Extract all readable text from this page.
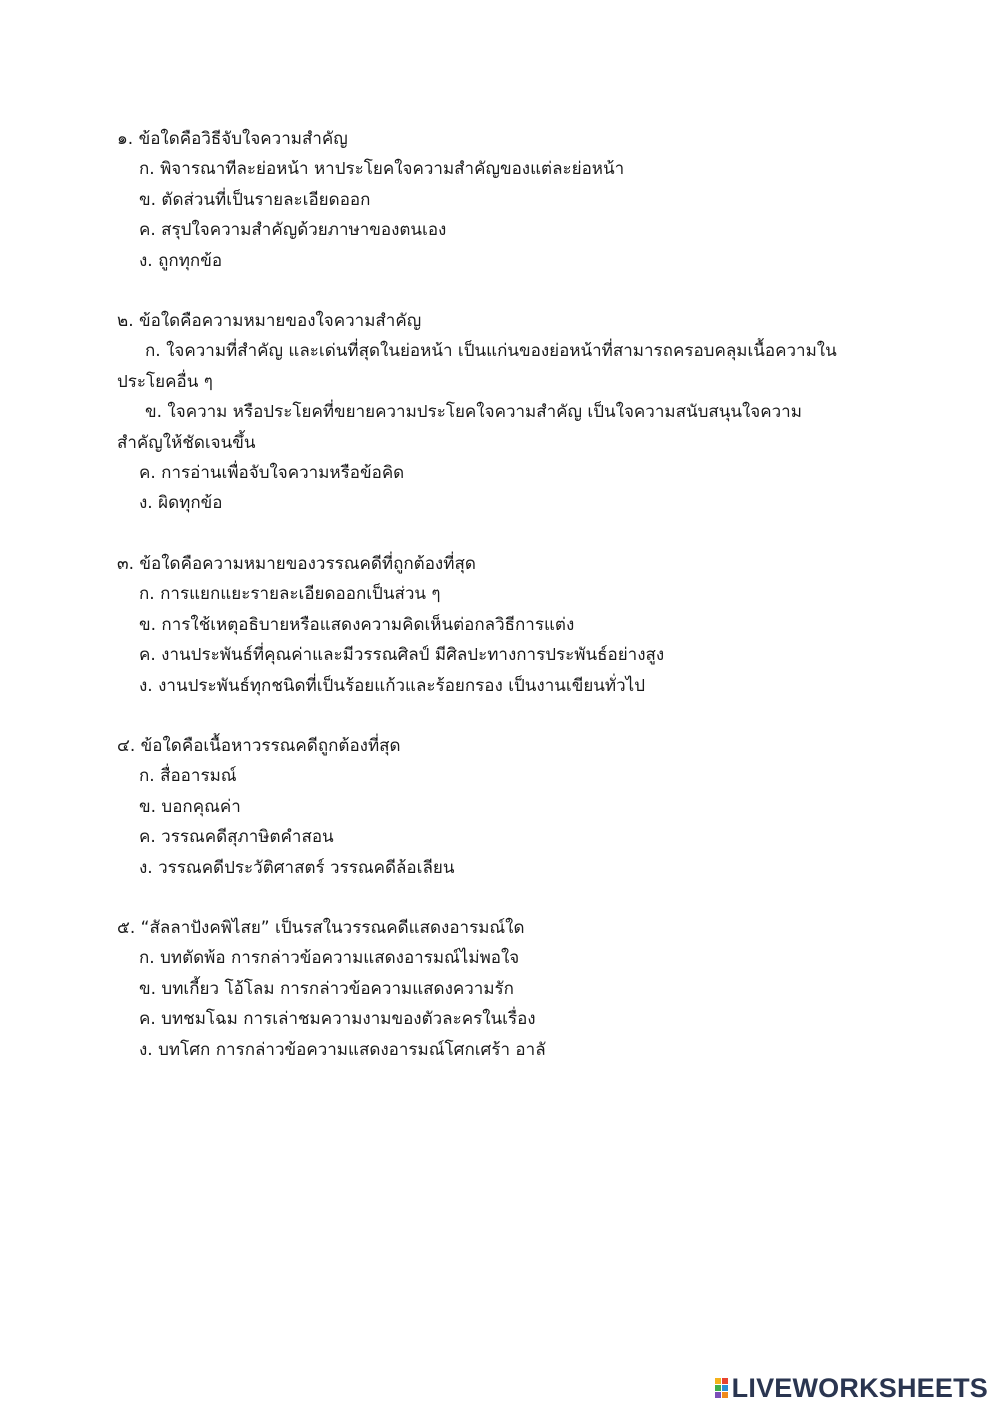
๑. ข้อใดคือวิธีจับใจความสำคัญ
ก. พิจารณาทีละย่อหน้า หาประโยคใจความสำคัญของแต่ละย่อหน้า
ข. ตัดส่วนที่เป็นรายละเอียดออก
ค. สรุปใจความสำคัญด้วยภาษาของตนเอง
ง. ถูกทุกข้อ
๒. ข้อใดคือความหมายของใจความสำคัญ
ก. ใจความที่สำคัญ และเด่นที่สุดในย่อหน้า เป็นแก่นของย่อหน้าที่สามารถครอบคลุมเนื้อความในประโยคอื่น ๆ
ข. ใจความ หรือประโยคที่ขยายความประโยคใจความสำคัญ เป็นใจความสนับสนุนใจความสำคัญให้ชัดเจนขึ้น
ค. การอ่านเพื่อจับใจความหรือข้อคิด
ง. ผิดทุกข้อ
๓. ข้อใดคือความหมายของวรรณคดีที่ถูกต้องที่สุด
ก. การแยกแยะรายละเอียดออกเป็นส่วน ๆ
ข. การใช้เหตุอธิบายหรือแสดงความคิดเห็นต่อกลวิธีการแต่ง
ค. งานประพันธ์ที่คุณค่าและมีวรรณศิลป์ มีศิลปะทางการประพันธ์อย่างสูง
ง. งานประพันธ์ทุกชนิดที่เป็นร้อยแก้วและร้อยกรอง เป็นงานเขียนทั่วไป
๔. ข้อใดคือเนื้อหาวรรณคดีถูกต้องที่สุด
ก. สื่ออารมณ์
ข. บอกคุณค่า
ค. วรรณคดีสุภาษิตคำสอน
ง. วรรณคดีประวัติศาสตร์ วรรณคดีล้อเลียน
๕. “สัลลาปังคพิไสย” เป็นรสในวรรณคดีแสดงอารมณ์ใด
ก. บทตัดพ้อ การกล่าวข้อความแสดงอารมณ์ไม่พอใจ
ข. บทเกี้ยว โอ้โลม การกล่าวข้อความแสดงความรัก
ค. บทชมโฉม การเล่าชมความงามของตัวละครในเรื่อง
ง. บทโศก การกล่าวข้อความแสดงอารมณ์โศกเศร้า อาลั
LIVEWORKSHEETS
